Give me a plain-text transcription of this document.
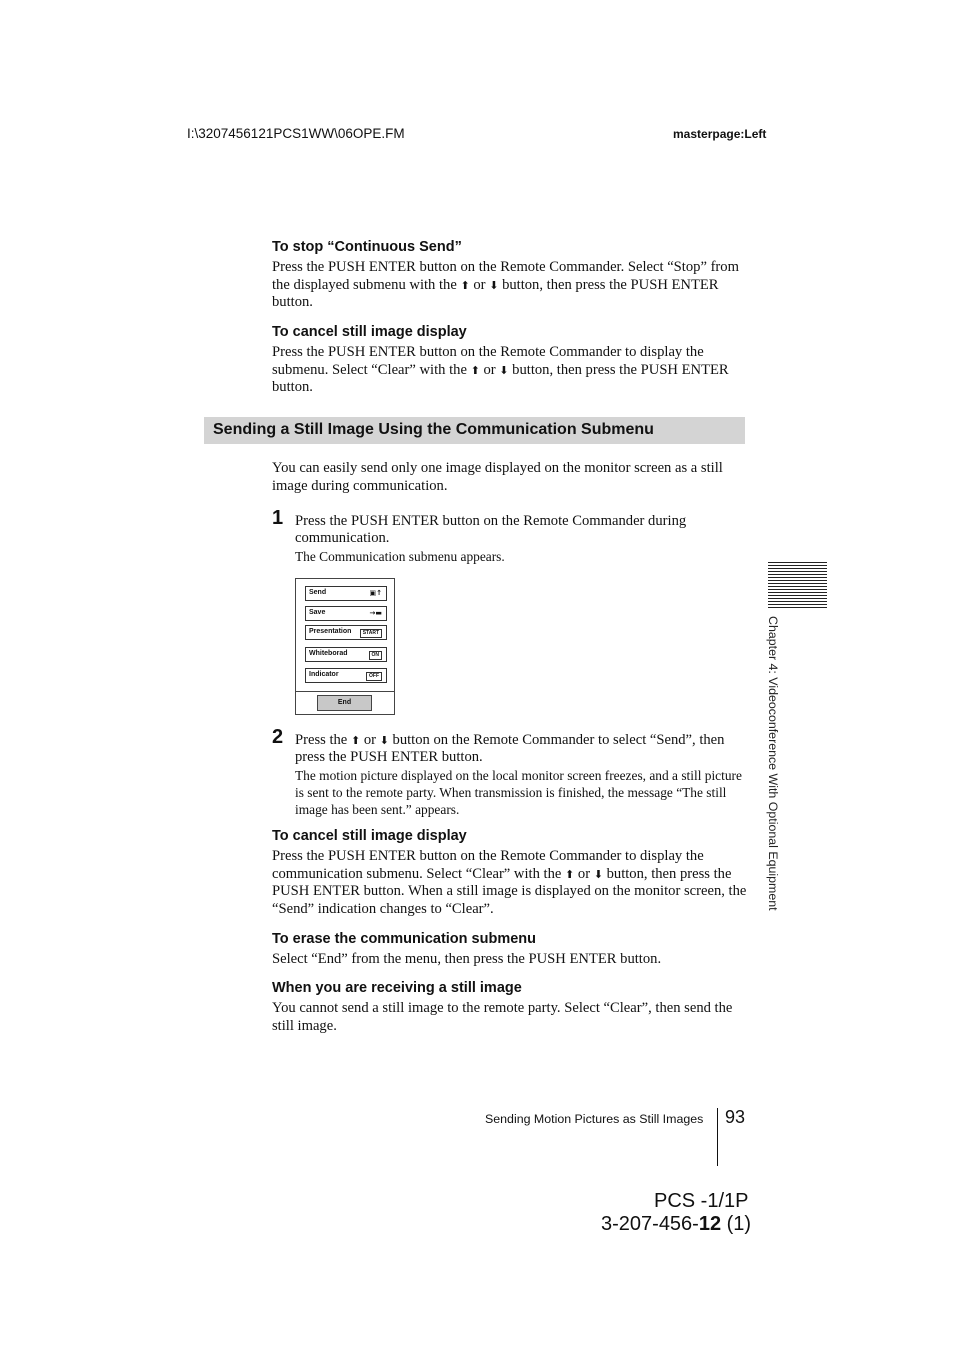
I:\3207456121PCS1WW\06OPE.FM	masterpage:Left
To stop “Continuous Send”
Press the PUSH ENTER button on the Remote Commander. Select “Stop” from the displayed submenu with the ⬆ or ⬇ button, then press the PUSH ENTER button.
To cancel still image display
Press the PUSH ENTER button on the Remote Commander to display the submenu. Select “Clear” with the ⬆ or ⬇ button, then press the PUSH ENTER button.
Sending a Still Image Using the Communication Submenu
You can easily send only one image displayed on the monitor screen as a still image during communication.
1 Press the PUSH ENTER button on the Remote Commander during communication.
The Communication submenu appears.
Send	▣↑
Save	→▬
Presentation	START
Whiteborad	ON
Indicator	OFF
End
2 Press the ⬆ or ⬇ button on the Remote Commander to select “Send”, then press the PUSH ENTER button.
The motion picture displayed on the local monitor screen freezes, and a still picture is sent to the remote party. When transmission is finished, the message “The still image has been sent.” appears.
To cancel still image display
Press the PUSH ENTER button on the Remote Commander to display the communication submenu. Select “Clear” with the ⬆ or ⬇ button, then press the PUSH ENTER button. When a still image is displayed on the monitor screen, the “Send” indication changes to “Clear”.
To erase the communication submenu
Select “End” from the menu, then press the PUSH ENTER button.
When you are receiving a still image
You cannot send a still image to the remote party. Select “Clear”, then send the still image.
Chapter 4: Videoconference With Optional Equipment
Sending Motion Pictures as Still Images 93
PCS -1/1P
3-207-456-12 (1)
